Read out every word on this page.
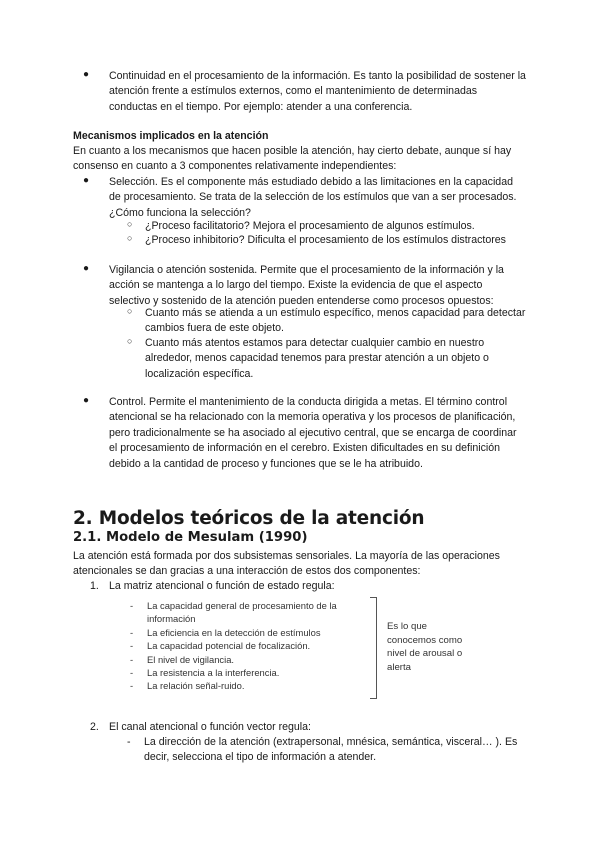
● Continuidad en el procesamiento de la información. Es tanto la posibilidad de sostener la atención frente a estímulos externos, como el mantenimiento de determinadas conductas en el tiempo. Por ejemplo: atender a una conferencia.

Mecanismos implicados en la atención

En cuanto a los mecanismos que hacen posible la atención, hay cierto debate, aunque sí hay consenso en cuanto a 3 componentes relativamente independientes:

● Selección. Es el componente más estudiado debido a las limitaciones en la capacidad de procesamiento. Se trata de la selección de los estímulos que van a ser procesados. ¿Cómo funciona la selección?

○ ¿Proceso facilitatorio? Mejora el procesamiento de algunos estímulos.

○ ¿Proceso inhibitorio? Dificulta el procesamiento de los estímulos distractores

● Vigilancia o atención sostenida. Permite que el procesamiento de la información y la acción se mantenga a lo largo del tiempo. Existe la evidencia de que el aspecto selectivo y sostenido de la atención pueden entenderse como procesos opuestos:

○ Cuanto más se atienda a un estímulo específico, menos capacidad para detectar cambios fuera de este objeto.

○ Cuanto más atentos estamos para detectar cualquier cambio en nuestro alrededor, menos capacidad tenemos para prestar atención a un objeto o localización específica.

● Control. Permite el mantenimiento de la conducta dirigida a metas. El término control atencional se ha relacionado con la memoria operativa y los procesos de planificación, pero tradicionalmente se ha asociado al ejecutivo central, que se encarga de coordinar el procesamiento de información en el cerebro. Existen dificultades en su definición debido a la cantidad de proceso y funciones que se le ha atribuido.

2. Modelos teóricos de la atención
2.1. Modelo de Mesulam (1990)

La atención está formada por dos subsistemas sensoriales. La mayoría de las operaciones atencionales se dan gracias a una interacción de estos dos componentes:

1. La matriz atencional o función de estado regula:

- La capacidad general de procesamiento de la información
- La eficiencia en la detección de estímulos
- La capacidad potencial de focalización.
- El nivel de vigilancia.
- La resistencia a la interferencia.
- La relación señal-ruido.
Es lo que conocemos como nivel de arousal o alerta
2. El canal atencional o función vector regula:

- La dirección de la atención (extrapersonal, mnésica, semántica, visceral… ). Es decir, selecciona el tipo de información a atender.
